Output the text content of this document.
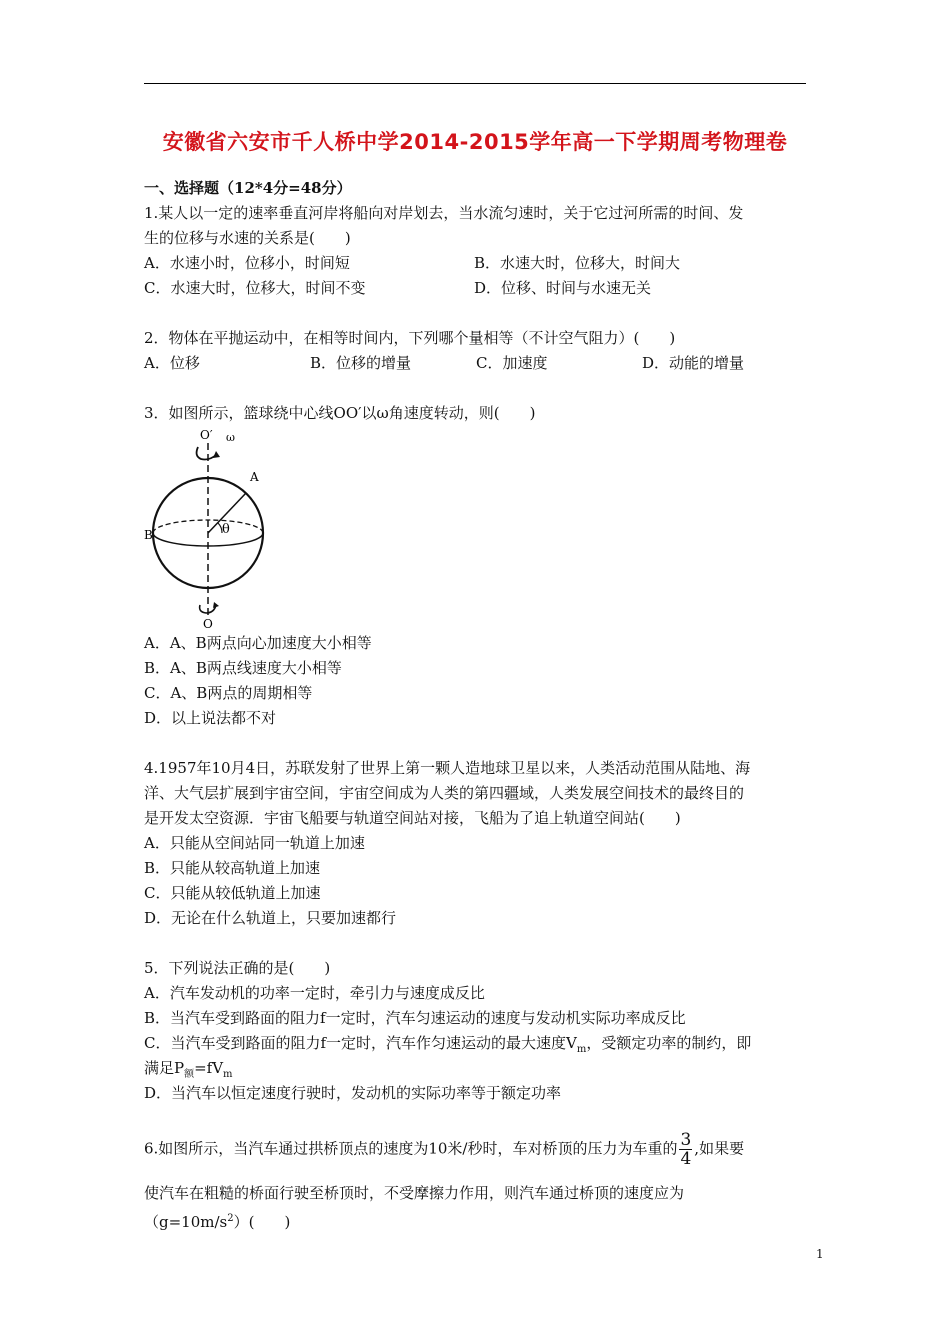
安徽省六安市千人桥中学2014-2015学年高一下学期周考物理卷
一、选择题（12*4分=48分）
1.某人以一定的速率垂直河岸将船向对岸划去，当水流匀速时，关于它过河所需的时间、发
生的位移与水速的关系是(　　)
A．水速小时，位移小，时间短	B．水速大时，位移大，时间大
C．水速大时，位移大，时间不变	D．位移、时间与水速无关
2．物体在平抛运动中，在相等时间内，下列哪个量相等（不计空气阻力）(　　)
A．位移	B．位移的增量	C．加速度	D．动能的增量
3．如图所示，篮球绕中心线OO′以ω角速度转动，则(　　)
O′ ω
A
B	θ
O
A．A、B两点向心加速度大小相等
B．A、B两点线速度大小相等
C．A、B两点的周期相等
D．以上说法都不对
4.1957年10月4日，苏联发射了世界上第一颗人造地球卫星以来，人类活动范围从陆地、海
洋、大气层扩展到宇宙空间，宇宙空间成为人类的第四疆域，人类发展空间技术的最终目的
是开发太空资源．宇宙飞船要与轨道空间站对接，飞船为了追上轨道空间站(　　)
A．只能从空间站同一轨道上加速
B．只能从较高轨道上加速
C．只能从较低轨道上加速
D．无论在什么轨道上，只要加速都行
5．下列说法正确的是(　　)
A．汽车发动机的功率一定时，牵引力与速度成反比
B．当汽车受到路面的阻力f一定时，汽车匀速运动的速度与发动机实际功率成反比
C．当汽车受到路面的阻力f一定时，汽车作匀速运动的最大速度$V_m$，受额定功率的制约，即
满足$P_额=fV_m$
D．当汽车以恒定速度行驶时，发动机的实际功率等于额定功率
6.如图所示，当汽车通过拱桥顶点的速度为10米/秒时，车对桥顶的压力为车重的 $\frac{3}{4}$ ,如果要
使汽车在粗糙的桥面行驶至桥顶时，不受摩擦力作用，则汽车通过桥顶的速度应为
$(g=10m/s^2)$(　　)
1
